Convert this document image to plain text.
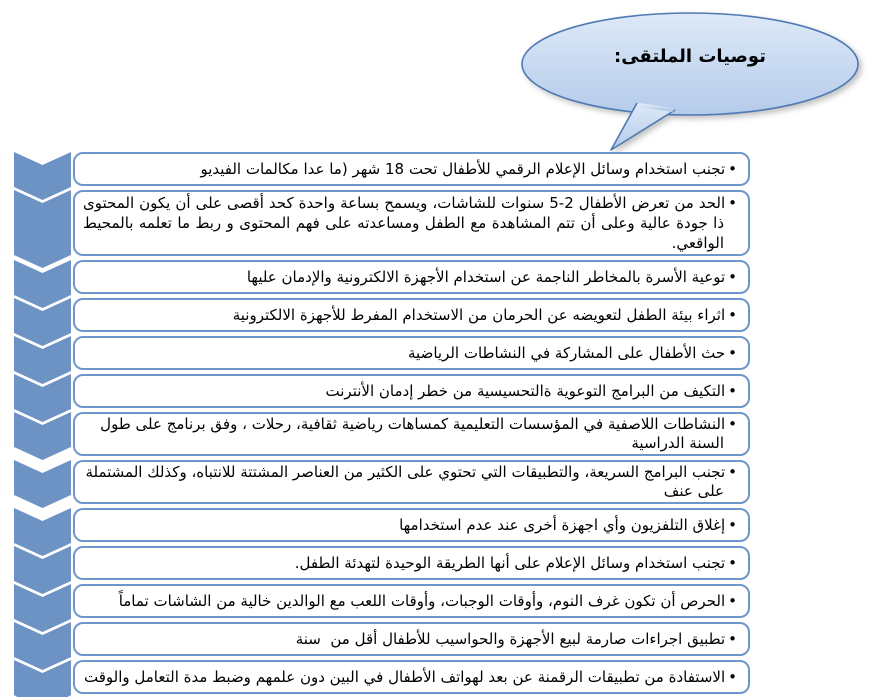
توصيات الملتقى:

•تجنب استخدام وسائل الإعلام الرقمي للأطفال تحت 18 شهر (ما عدا مكالمات الفيديو

•الحد من تعرض الأطفال 2-5 سنوات للشاشات، ويسمح بساعة واحدة كحد أقصى على أن يكون المحتوى ذا جودة عالية وعلى أن تتم المشاهدة مع الطفل ومساعدته على فهم المحتوى و ربط ما تعلمه بالمحيط الواقعي.

•توعية الأسرة بالمخاطر الناجمة عن استخدام الأجهزة الالكترونية والإدمان عليها

•اثراء بيئة الطفل لتعويضه عن الحرمان من الاستخدام المفرط للأجهزة الالكترونية

•حث الأطفال على المشاركة في النشاطات الرياضية

•التكيف من البرامج التوعوية ةالتحسيسية من خطر إدمان الأنترنت

•النشاطات اللاصفية في المؤسسات التعليمية كمساهات رياضية ثقافية، رحلات ، وفق برنامج على طول السنة الدراسية

•تجنب البرامج السريعة، والتطبيقات التي تحتوي على الكثير من العناصر المشتتة للانتباه، وكذلك المشتملة على عنف

•إغلاق التلفزيون وأي اجهزة أخرى عند عدم استخدامها

•تجنب استخدام وسائل الإعلام على أنها الطريقة الوحيدة لتهدئة الطفل.

•الحرص أن تكون غرف النوم، وأوقات الوجبات، وأوقات اللعب مع الوالدين خالية من الشاشات تماماً

•تطبيق اجراءات صارمة لبيع الأجهزة والحواسيب للأطفال أقل من  سنة

•الاستفادة من تطبيقات الرقمنة عن بعد لهواتف الأطفال في البين دون علمهم وضبط مدة التعامل والوقت
